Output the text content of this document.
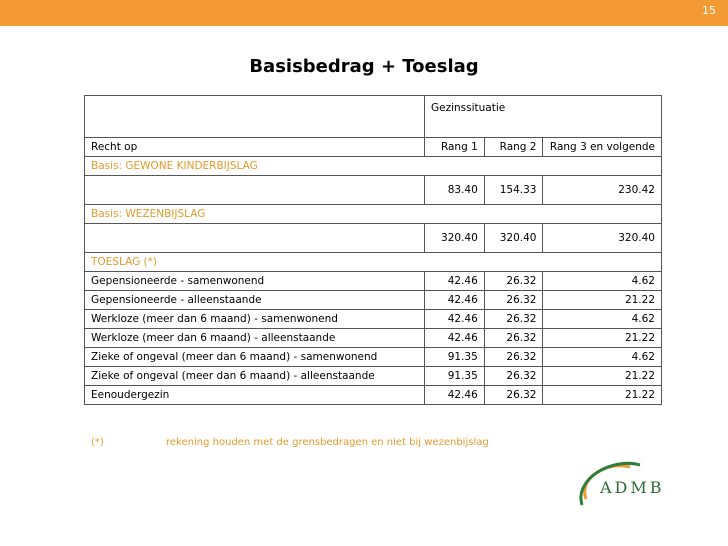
15
Basisbedrag + Toeslag
	Gezinssituatie		
Recht op	Rang 1	Rang 2	Rang 3 en volgende
Basis: GEWONE KINDERBIJSLAG			
	83.40	154.33	230.42
Basis: WEZENBIJSLAG			
	320.40	320.40	320.40
TOESLAG (*)			
Gepensioneerde - samenwonend	42.46	26.32	4.62
Gepensioneerde - alleenstaande	42.46	26.32	21.22
Werkloze (meer dan 6 maand) - samenwonend	42.46	26.32	4.62
Werkloze (meer dan 6 maand) - alleenstaande	42.46	26.32	21.22
Zieke of ongeval (meer dan 6 maand) - samenwonend	91.35	26.32	4.62
Zieke of ongeval (meer dan 6 maand) - alleenstaande	91.35	26.32	21.22
Eenoudergezin	42.46	26.32	21.22
(*)	rekening houden met de grensbedragen en niet bij wezenbijslag
ADMB
